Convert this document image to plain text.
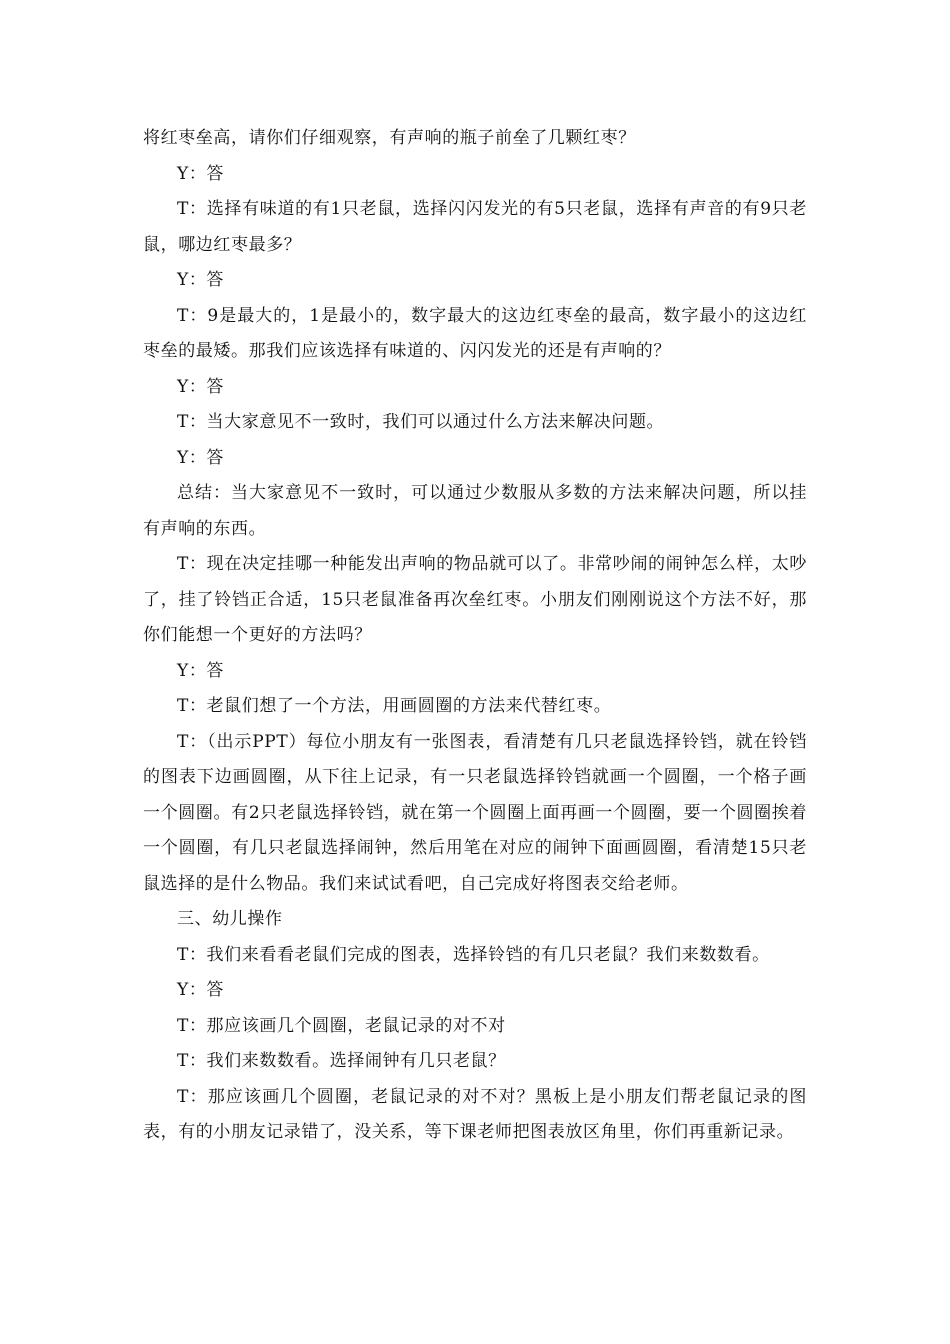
将红枣垒高，请你们仔细观察，有声响的瓶子前垒了几颗红枣？

Y：答

T：选择有味道的有1只老鼠，选择闪闪发光的有5只老鼠，选择有声音的有9只老鼠，哪边红枣最多？

Y：答

T：9是最大的，1是最小的，数字最大的这边红枣垒的最高，数字最小的这边红枣垒的最矮。那我们应该选择有味道的、闪闪发光的还是有声响的？

Y：答

T：当大家意见不一致时，我们可以通过什么方法来解决问题。

Y：答

总结：当大家意见不一致时，可以通过少数服从多数的方法来解决问题，所以挂有声响的东西。

T：现在决定挂哪一种能发出声响的物品就可以了。非常吵闹的闹钟怎么样，太吵了，挂了铃铛正合适，15只老鼠准备再次垒红枣。小朋友们刚刚说这个方法不好，那你们能想一个更好的方法吗？

Y：答

T：老鼠们想了一个方法，用画圆圈的方法来代替红枣。

T：（出示PPT）每位小朋友有一张图表，看清楚有几只老鼠选择铃铛，就在铃铛的图表下边画圆圈，从下往上记录，有一只老鼠选择铃铛就画一个圆圈，一个格子画一个圆圈。有2只老鼠选择铃铛，就在第一个圆圈上面再画一个圆圈，要一个圆圈挨着一个圆圈，有几只老鼠选择闹钟，然后用笔在对应的闹钟下面画圆圈，看清楚15只老鼠选择的是什么物品。我们来试试看吧，自己完成好将图表交给老师。

三、幼儿操作

T：我们来看看老鼠们完成的图表，选择铃铛的有几只老鼠？我们来数数看。

Y：答

T：那应该画几个圆圈，老鼠记录的对不对

T：我们来数数看。选择闹钟有几只老鼠？

T：那应该画几个圆圈，老鼠记录的对不对？黑板上是小朋友们帮老鼠记录的图表，有的小朋友记录错了，没关系，等下课老师把图表放区角里，你们再重新记录。
